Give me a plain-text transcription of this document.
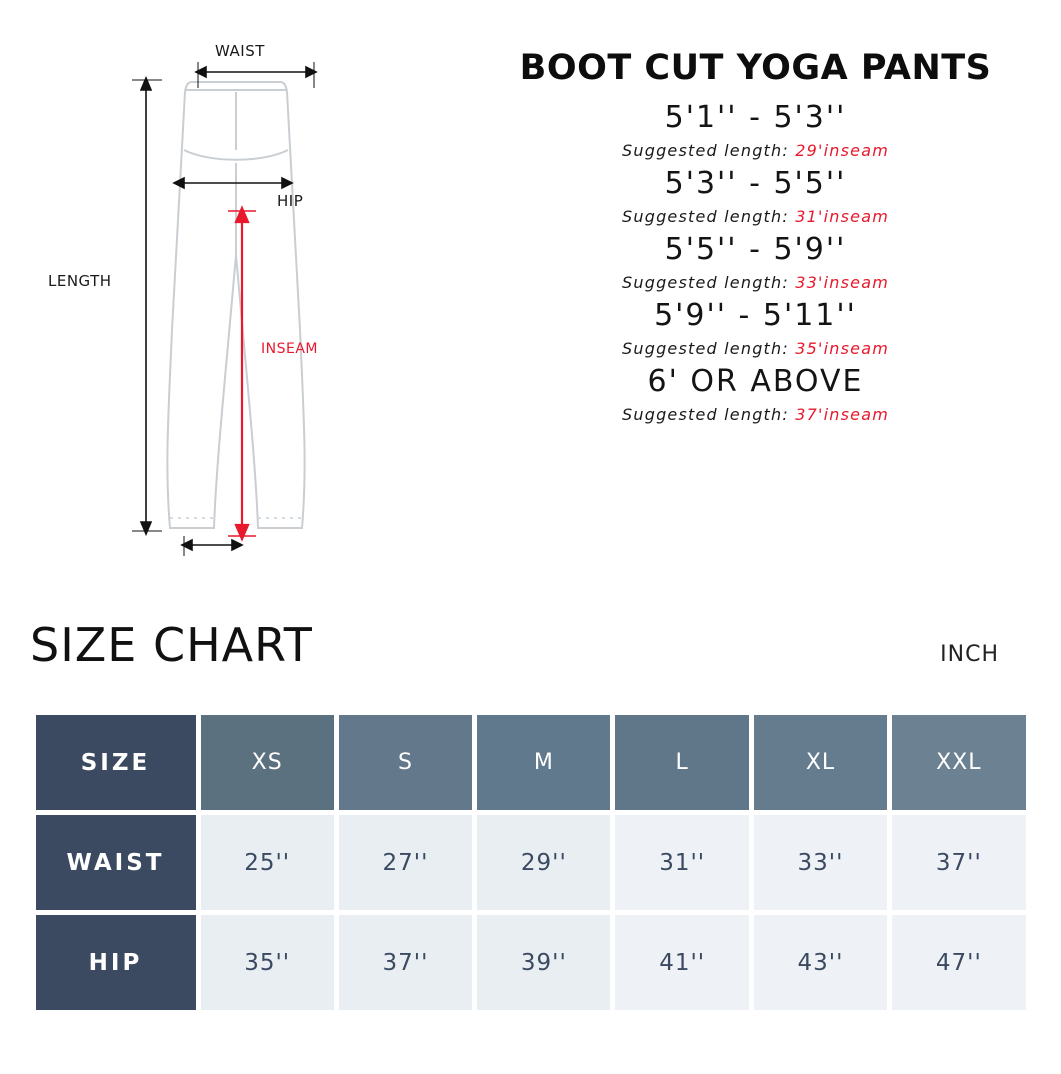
WAIST
HIP
LENGTH
INSEAM
BOOT CUT YOGA PANTS
5'1'' - 5'3''
Suggested length: 29'inseam
5'3'' - 5'5''
Suggested length: 31'inseam
5'5'' - 5'9''
Suggested length: 33'inseam
5'9'' - 5'11''
Suggested length: 35'inseam
6' OR ABOVE
Suggested length: 37'inseam
SIZE CHART	INCH
SIZE	XS	S	M	L	XL	XXL
WAIST	25''	27''	29''	31''	33''	37''
HIP	35''	37''	39''	41''	43''	47''
